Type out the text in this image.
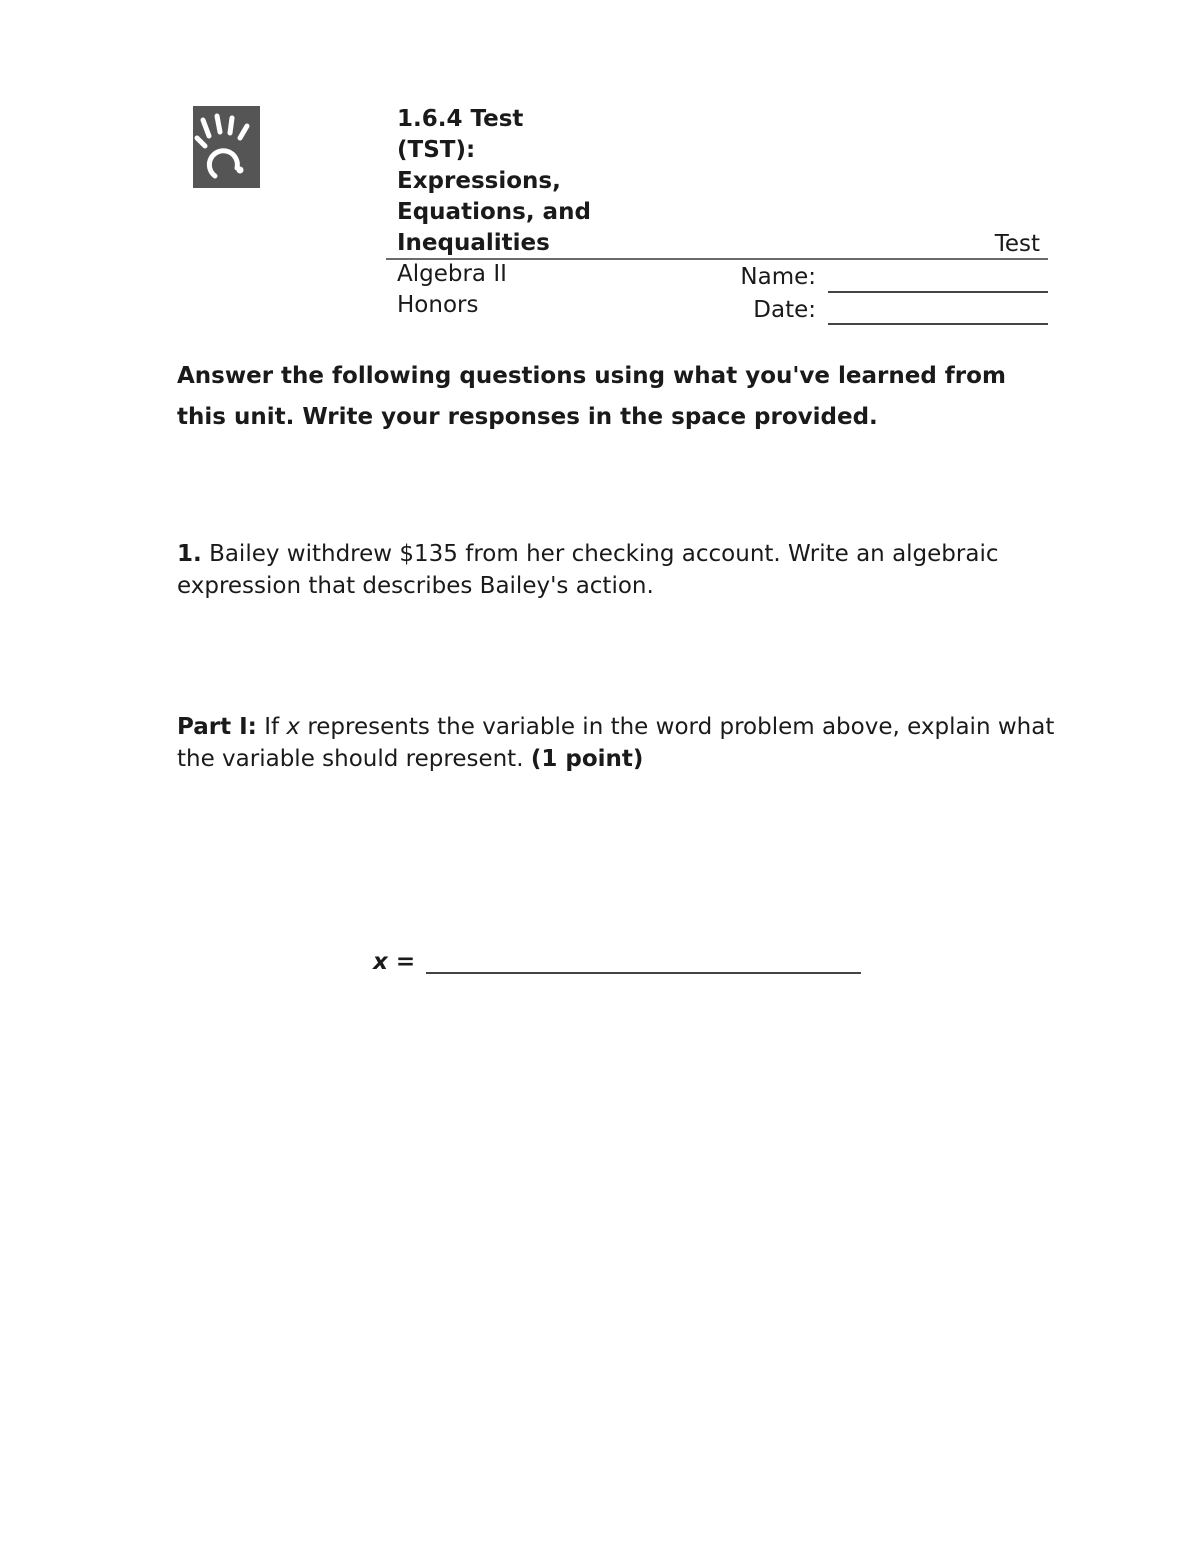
1.6.4 Test
(TST):
Expressions,
Equations, and
Inequalities	Test
Algebra II
Honors
Name:
Date:
Answer the following questions using what you've learned from this unit. Write your responses in the space provided.
1. Bailey withdrew $135 from her checking account. Write an algebraic expression that describes Bailey's action.
Part I: If x represents the variable in the word problem above, explain what the variable should represent. (1 point)
x =
